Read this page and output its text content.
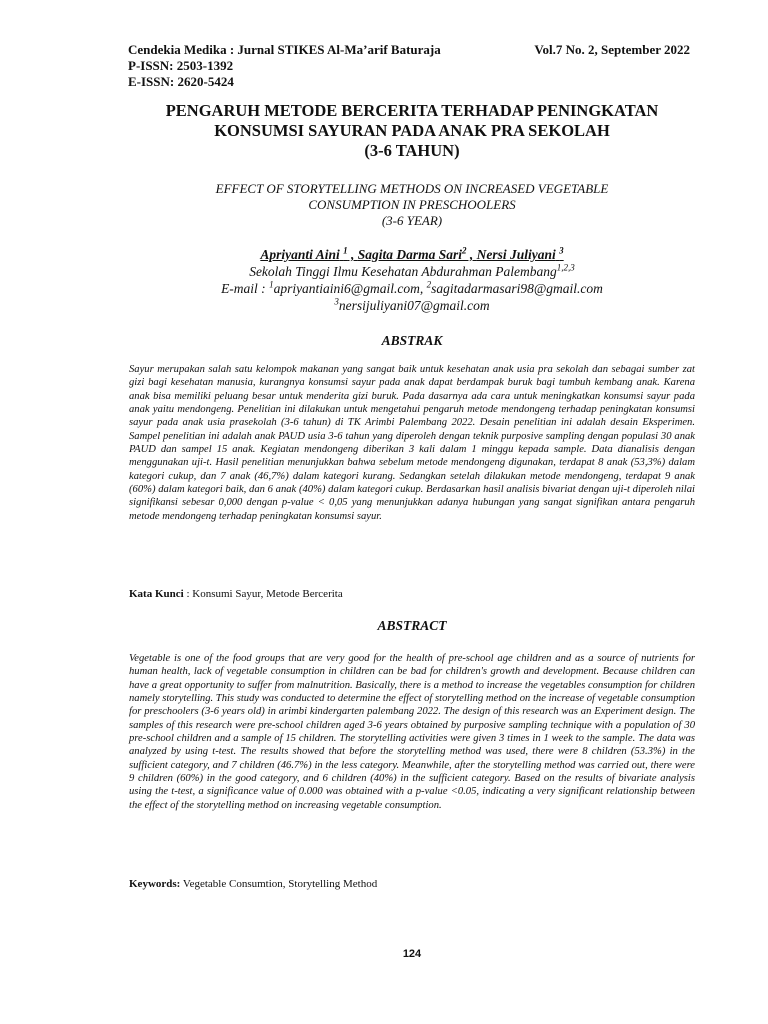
Cendekia Medika : Jurnal STIKES Al-Ma’arif Baturaja	Vol.7 No. 2, September 2022
P-ISSN: 2503-1392
E-ISSN: 2620-5424
PENGARUH METODE BERCERITA TERHADAP PENINGKATAN
KONSUMSI SAYURAN PADA ANAK PRA SEKOLAH
(3-6 TAHUN)
EFFECT OF STORYTELLING METHODS ON INCREASED VEGETABLE
CONSUMPTION IN PRESCHOOLERS
(3-6 YEAR)
Apriyanti Aini $^1$ , Sagita Darma Sari$^2$ , Nersi Juliyani $^3$
Sekolah Tinggi Ilmu Kesehatan Abdurahman Palembang$^{1,2,3}$
E-mail : $^1$apriyantiaini6@gmail.com, $^2$sagitadarmasari98@gmail.com
$^3$nersijuliyani07@gmail.com
ABSTRAK
Sayur merupakan salah satu kelompok makanan yang sangat baik untuk kesehatan anak usia pra sekolah dan sebagai sumber zat gizi bagi kesehatan manusia, kurangnya konsumsi sayur pada anak dapat berdampak buruk bagi tumbuh kembang anak. Karena anak bisa memiliki peluang besar untuk menderita gizi buruk. Pada dasarnya ada cara untuk meningkatkan konsumsi sayur pada anak yaitu mendongeng. Penelitian ini dilakukan untuk mengetahui pengaruh metode mendongeng terhadap peningkatan konsumsi sayur pada anak usia prasekolah (3-6 tahun) di TK Arimbi Palembang 2022. Desain penelitian ini adalah desain Eksperimen. Sampel penelitian ini adalah anak PAUD usia 3-6 tahun yang diperoleh dengan teknik purposive sampling dengan populasi 30 anak PAUD dan sampel 15 anak. Kegiatan mendongeng diberikan 3 kali dalam 1 minggu kepada sample. Data dianalisis dengan menggunakan uji-t. Hasil penelitian menunjukkan bahwa sebelum metode mendongeng digunakan, terdapat 8 anak (53,3%) dalam kategori cukup, dan 7 anak (46,7%) dalam kategori kurang. Sedangkan setelah dilakukan metode mendongeng, terdapat 9 anak (60%) dalam kategori baik, dan 6 anak (40%) dalam kategori cukup. Berdasarkan hasil analisis bivariat dengan uji-t diperoleh nilai signifikansi sebesar 0,000 dengan p-value < 0,05 yang menunjukkan adanya hubungan yang sangat signifikan antara pengaruh metode mendongeng terhadap peningkatan konsumsi sayur.
Kata Kunci : Konsumi Sayur, Metode Bercerita
ABSTRACT
Vegetable is one of the food groups that are very good for the health of pre-school age children and as a source of nutrients for human health, lack of vegetable consumption in children can be bad for children's growth and development. Because children can have a great opportunity to suffer from malnutrition. Basically, there is a method to increase the vegetables consumption for children namely storytelling. This study was conducted to determine the effect of storytelling method on the increase of vegetable consumption for preschoolers (3-6 years old) in arimbi kindergarten palembang 2022. The design of this research was an Experiment design. The samples of this research were pre-school children aged 3-6 years obtained by purposive sampling technique with a population of 30 pre-school children and a sample of 15 children. The storytelling activities were given 3 times in 1 week to the sample. The data was analyzed by using t-test. The results showed that before the storytelling method was used, there were 8 children (53.3%) in the sufficient category, and 7 children (46.7%) in the less category. Meanwhile, after the storytelling method was carried out, there were 9 children (60%) in the good category, and 6 children (40%) in the sufficient category. Based on the results of bivariate analysis using the t-test, a significance value of 0.000 was obtained with a p-value <0.05, indicating a very significant relationship between the effect of the storytelling method on increasing vegetable consumption.
Keywords: Vegetable Consumtion, Storytelling Method
124
